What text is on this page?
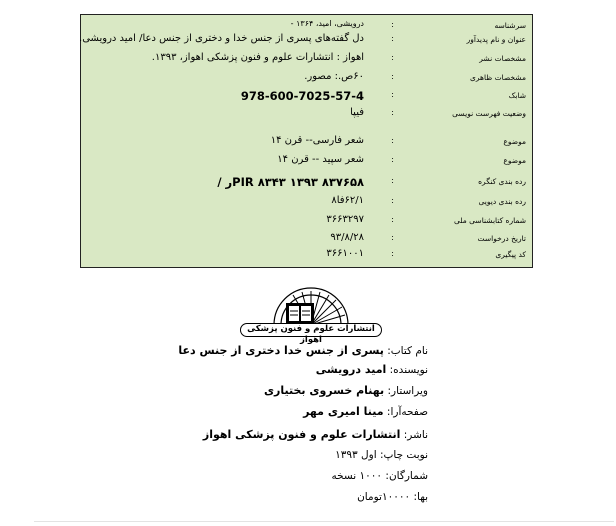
سرشناسه
:
درویشی، امید، ۱۳۶۴ -
عنوان و نام پدیدآور
:
دل گفته‌های پسری از جنس خدا و دختری از جنس دعا/ امید درویشی.
مشخصات نشر
:
اهواز : انتشارات علوم و فنون پزشکی اهواز، ۱۳۹۳.
مشخصات ظاهری
:
۶۰ص.: مصور.
شابک
:
978-600-7025-57-4
وضعیت فهرست نویسی
:
فیپا
موضوع
:
شعر فارسی-- قرن ۱۴
موضوع
:
شعر سپید -- قرن ۱۴
رده بندی کنگره
:
PIR ۸۳۴۳ ۱۳۹۳ ۸۳۷۶۵۸ر /
رده بندی دیویی
:
۶۲/۱فا۸
شماره کتابشناسی ملی
:
۳۶۶۳۲۹۷
تاریخ درخواست
:
۹۳/۸/۲۸
کد پیگیری
:
۳۶۶۱۰۰۱
انتشارات علوم و فنون پزشکی اهواز
نام کتاب: پسری از جنس خدا دختری از جنس دعا
نویسنده: امید درویشی
ویراستار: بهنام خسروی بختیاری
صفحه‌آرا: مینا امیری مهر
ناشر: انتشارات علوم و فنون پزشکی اهواز
نوبت چاپ: اول ۱۳۹۳
شمارگان: ۱۰۰۰ نسخه
بها: ۱۰۰۰۰تومان
